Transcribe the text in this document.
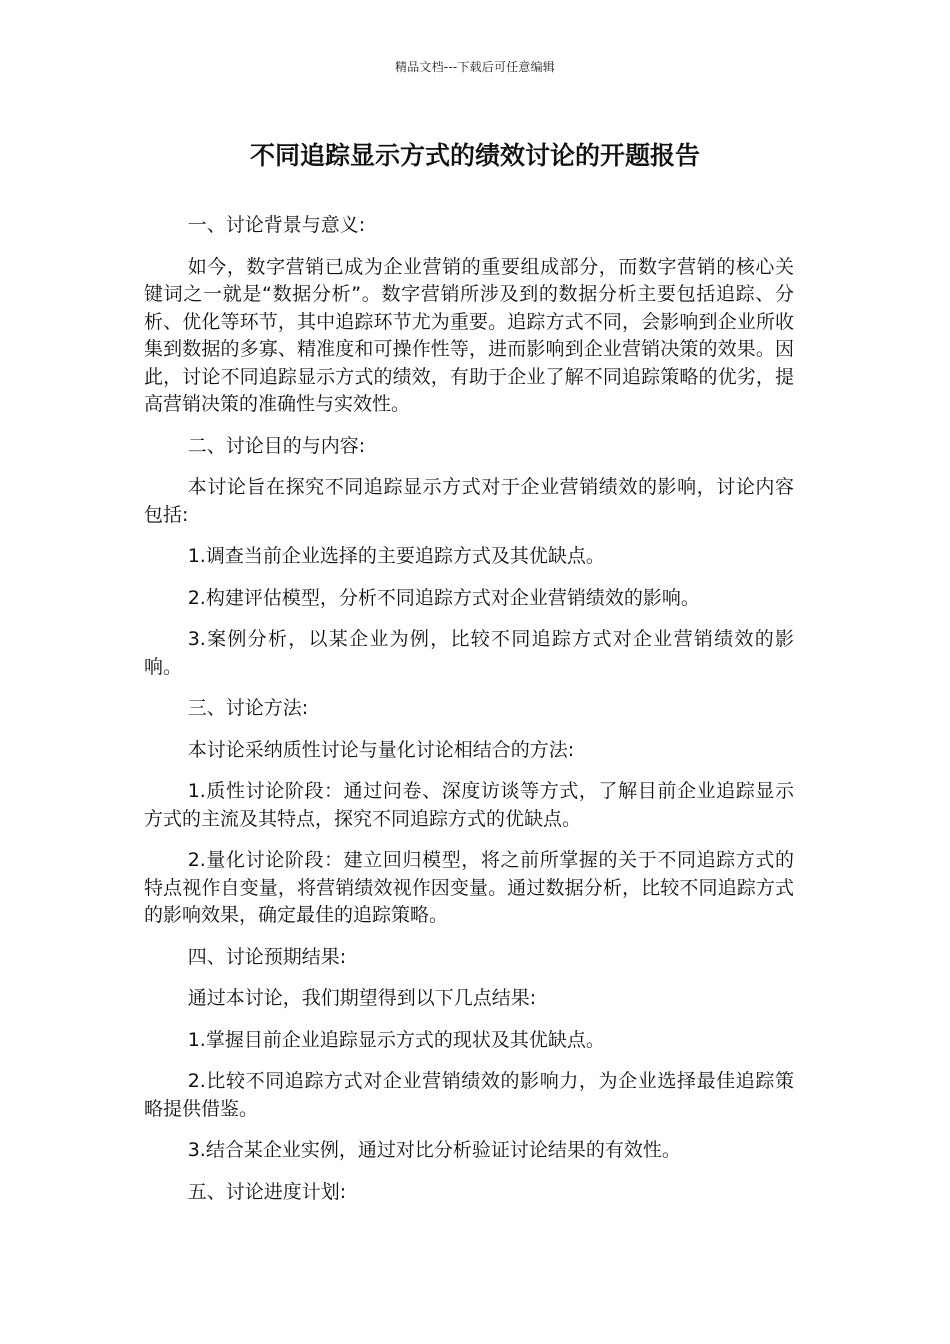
精品文档---下载后可任意编辑
不同追踪显示方式的绩效讨论的开题报告

一、讨论背景与意义:

如今，数字营销已成为企业营销的重要组成部分，而数字营销的核心关键词之一就是“数据分析”。数字营销所涉及到的数据分析主要包括追踪、分析、优化等环节，其中追踪环节尤为重要。追踪方式不同，会影响到企业所收集到数据的多寡、精准度和可操作性等，进而影响到企业营销决策的效果。因此，讨论不同追踪显示方式的绩效，有助于企业了解不同追踪策略的优劣，提高营销决策的准确性与实效性。

二、讨论目的与内容:

本讨论旨在探究不同追踪显示方式对于企业营销绩效的影响，讨论内容包括:

1.调查当前企业选择的主要追踪方式及其优缺点。

2.构建评估模型，分析不同追踪方式对企业营销绩效的影响。

3.案例分析，以某企业为例，比较不同追踪方式对企业营销绩效的影响。

三、讨论方法:

本讨论采纳质性讨论与量化讨论相结合的方法:

1.质性讨论阶段：通过问卷、深度访谈等方式，了解目前企业追踪显示方式的主流及其特点，探究不同追踪方式的优缺点。

2.量化讨论阶段：建立回归模型，将之前所掌握的关于不同追踪方式的特点视作自变量，将营销绩效视作因变量。通过数据分析，比较不同追踪方式的影响效果，确定最佳的追踪策略。

四、讨论预期结果:

通过本讨论，我们期望得到以下几点结果:

1.掌握目前企业追踪显示方式的现状及其优缺点。

2.比较不同追踪方式对企业营销绩效的影响力，为企业选择最佳追踪策略提供借鉴。

3.结合某企业实例，通过对比分析验证讨论结果的有效性。

五、讨论进度计划:
